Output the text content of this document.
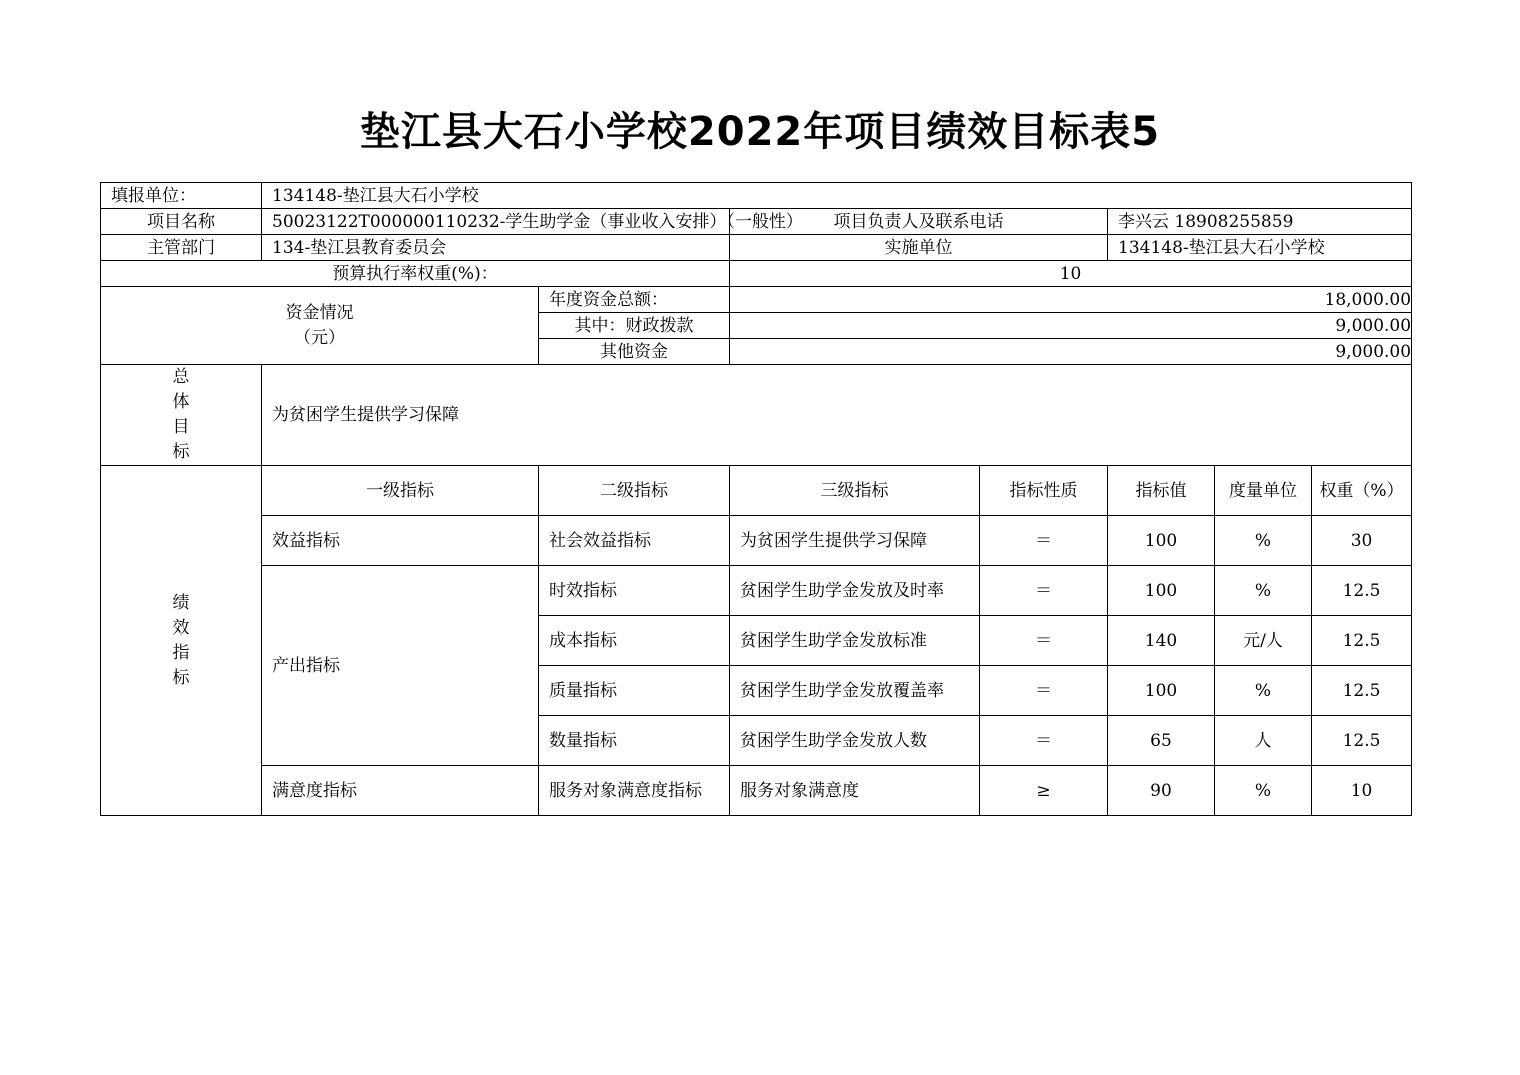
垫江县大石小学校2022年项目绩效目标表5
填报单位：	134148-垫江县大石小学校						
项目名称	50023122T000000110232-学生助学金（事业收入安排）（一般性）		项目负责人及联系电话		李兴云 18908255859		
主管部门	134-垫江县教育委员会		实施单位		134148-垫江县大石小学校		
预算执行率权重(%)：			10				

资金情况
（元）		年度资金总额：	18,000.00				
		其中：财政拨款	9,000.00				
		其他资金	9,000.00				

总
体
目
标	为贫困学生提供学习保障						

绩
效
指
标	一级指标	二级指标	三级指标	指标性质	指标值	度量单位	权重（%）
	效益指标	社会效益指标	为贫困学生提供学习保障	＝	100	%	30
	产出指标	时效指标	贫困学生助学金发放及时率	＝	100	%	12.5
		成本指标	贫困学生助学金发放标准	＝	140	元/人	12.5
		质量指标	贫困学生助学金发放覆盖率	＝	100	%	12.5
		数量指标	贫困学生助学金发放人数	＝	65	人	12.5
	满意度指标	服务对象满意度指标	服务对象满意度	≥	90	%	10
